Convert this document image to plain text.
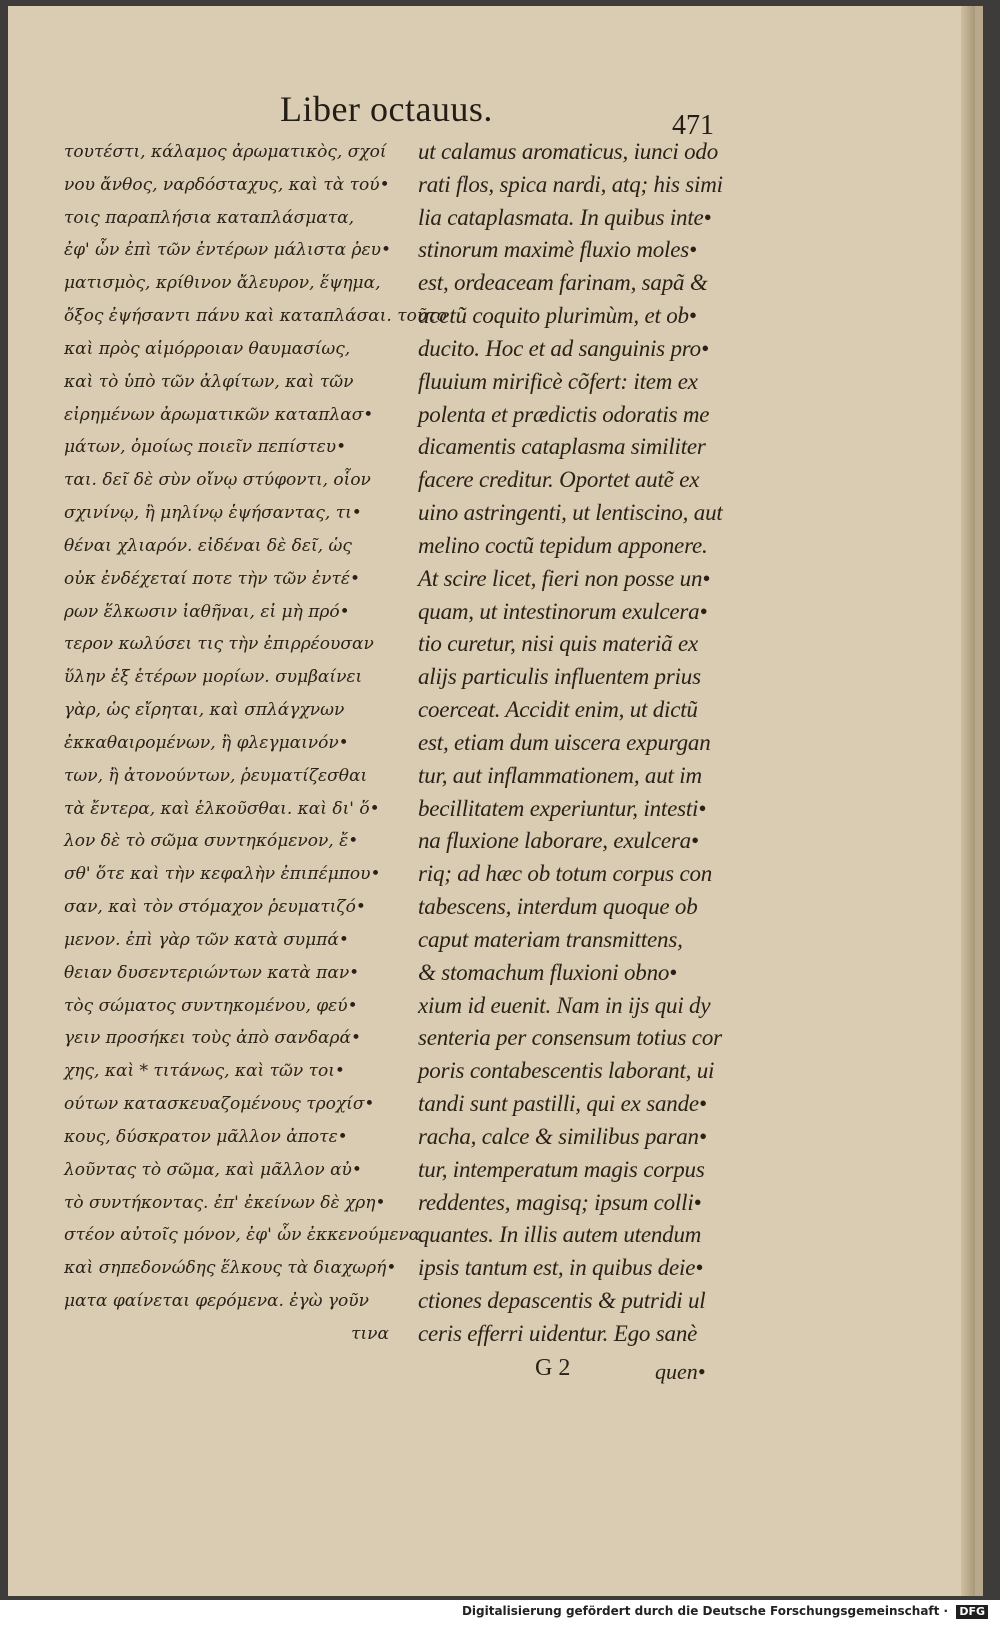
Liber octauus.	471
τουτέστι, κάλαμος ἀρωματικὸς, σχοί
νου ἄνθος, ναρδόσταχυς, καὶ τὰ τού•
τοις παραπλήσια καταπλάσματα,
ἐφ' ὧν ἐπὶ τῶν ἐντέρων μάλιστα ῥευ•
ματισμὸς, κρίθινον ἄλευρον, ἕψημα,
ὄξος ἐψήσαντι πάνυ καὶ καταπλάσαι. τοῦτο
καὶ πρὸς αἱμόρροιαν θαυμασίως,
καὶ τὸ ὑπὸ τῶν ἀλφίτων, καὶ τῶν
εἰρημένων ἀρωματικῶν καταπλασ•
μάτων, ὁμοίως ποιεῖν πεπίστευ•
ται. δεῖ δὲ σὺν οἴνῳ στύφοντι, οἷον
σχινίνῳ, ἢ μηλίνῳ ἑψήσαντας, τι•
θέναι χλιαρόν. εἰδέναι δὲ δεῖ, ὡς
οὐκ ἐνδέχεταί ποτε τὴν τῶν ἐντέ•
ρων ἕλκωσιν ἰαθῆναι, εἰ μὴ πρό•
τερον κωλύσει τις τὴν ἐπιρρέουσαν
ὕλην ἐξ ἑτέρων μορίων. συμβαίνει
γὰρ, ὡς εἴρηται, καὶ σπλάγχνων
ἐκκαθαιρομένων, ἢ φλεγμαινόν•
των, ἢ ἀτονούντων, ῥευματίζεσθαι
τὰ ἔντερα, καὶ ἑλκοῦσθαι. καὶ δι' ὅ•
λον δὲ τὸ σῶμα συντηκόμενον, ἔ•
σθ' ὅτε καὶ τὴν κεφαλὴν ἐπιπέμπου•
σαν, καὶ τὸν στόμαχον ῥευματιζό•
μενον. ἐπὶ γὰρ τῶν κατὰ συμπά•
θειαν δυσεντεριώντων κατὰ παν•
τὸς σώματος συντηκομένου, φεύ•
γειν προσήκει τοὺς ἀπὸ σανδαρά•
χης, καὶ * τιτάνως, καὶ τῶν τοι•
ούτων κατασκευαζομένους τροχίσ•
κους, δύσκρατον μᾶλλον ἀποτε•
λοῦντας τὸ σῶμα, καὶ μᾶλλον αὐ•
τὸ συντήκοντας. ἐπ' ἐκείνων δὲ χρη•
στέον αὐτοῖς μόνον, ἐφ' ὧν ἐκκενούμενα
καὶ σηπεδονώδης ἕλκους τὰ διαχωρή•
ματα φαίνεται φερόμενα. ἐγὼ γοῦν
τινα
ut calamus aromaticus, iunci odo
rati flos, spica nardi, atq; his simi
lia cataplasmata. In quibus inte•
stinorum maximè fluxio moles•
est, ordeaceam farinam, sapã &
acetũ coquito plurimùm, et ob•
ducito. Hoc et ad sanguinis pro•
fluuium mirificè cõfert: item ex
polenta et prædictis odoratis me
dicamentis cataplasma similiter
facere creditur. Oportet autẽ ex
uino astringenti, ut lentiscino, aut
melino coctũ tepidum apponere.
At scire licet, fieri non posse un•
quam, ut intestinorum exulcera•
tio curetur, nisi quis materiã ex
alijs particulis influentem prius
coerceat. Accidit enim, ut dictũ
est, etiam dum uiscera expurgan
tur, aut inflammationem, aut im
becillitatem experiuntur, intesti•
na fluxione laborare, exulcera•
riq; ad hæc ob totum corpus con
tabescens, interdum quoque ob
caput materiam transmittens,
& stomachum fluxioni obno•
xium id euenit. Nam in ijs qui dy
senteria per consensum totius cor
poris contabescentis laborant, ui
tandi sunt pastilli, qui ex sande•
racha, calce & similibus paran•
tur, intemperatum magis corpus
reddentes, magisq; ipsum colli•
quantes. In illis autem utendum
ipsis tantum est, in quibus deie•
ctiones depascentis & putridi ul
ceris efferri uidentur. Ego sanè
G 2	quen•
Digitalisierung gefördert durch die Deutsche Forschungsgemeinschaft · DFG
